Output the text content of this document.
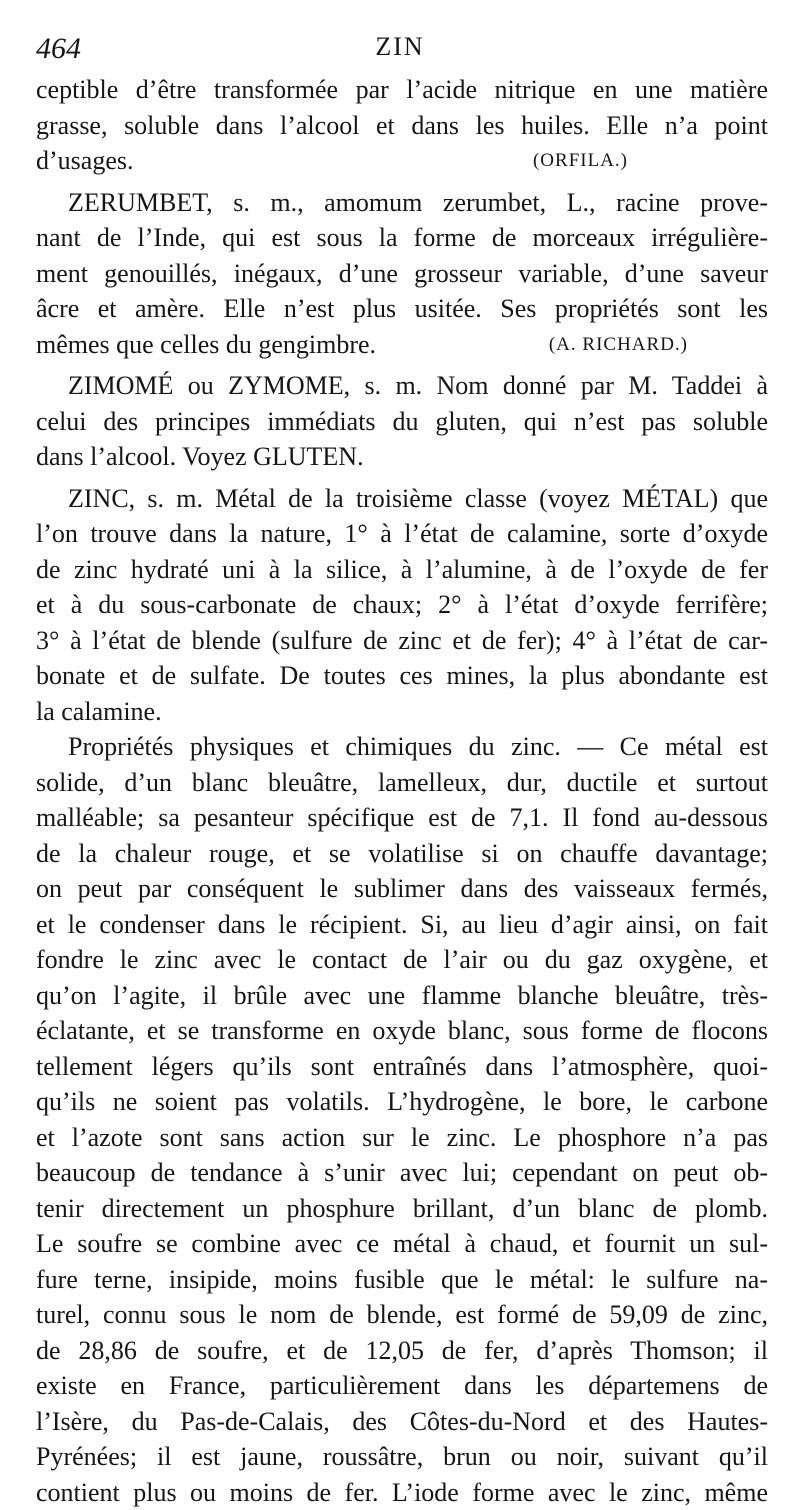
464	ZIN
ceptible d’être transformée par l’acide nitrique en une matière
grasse, soluble dans l’alcool et dans les huiles. Elle n’a point
d’usages.	(ORFILA.)
ZERUMBET, s. m., amomum zerumbet, L., racine prove-
nant de l’Inde, qui est sous la forme de morceaux irrégulière-
ment genouillés, inégaux, d’une grosseur variable, d’une saveur
âcre et amère. Elle n’est plus usitée. Ses propriétés sont les
mêmes que celles du gengimbre.	(A. RICHARD.)
ZIMOMÉ ou ZYMOME, s. m. Nom donné par M. Taddei à
celui des principes immédiats du gluten, qui n’est pas soluble
dans l’alcool. Voyez GLUTEN.
ZINC, s. m. Métal de la troisième classe (voyez MÉTAL) que
l’on trouve dans la nature, 1° à l’état de calamine, sorte d’oxyde
de zinc hydraté uni à la silice, à l’alumine, à de l’oxyde de fer
et à du sous-carbonate de chaux; 2° à l’état d’oxyde ferrifère;
3° à l’état de blende (sulfure de zinc et de fer); 4° à l’état de car-
bonate et de sulfate. De toutes ces mines, la plus abondante est
la calamine.
Propriétés physiques et chimiques du zinc. — Ce métal est
solide, d’un blanc bleuâtre, lamelleux, dur, ductile et surtout
malléable; sa pesanteur spécifique est de 7,1. Il fond au-dessous
de la chaleur rouge, et se volatilise si on chauffe davantage;
on peut par conséquent le sublimer dans des vaisseaux fermés,
et le condenser dans le récipient. Si, au lieu d’agir ainsi, on fait
fondre le zinc avec le contact de l’air ou du gaz oxygène, et
qu’on l’agite, il brûle avec une flamme blanche bleuâtre, très-
éclatante, et se transforme en oxyde blanc, sous forme de flocons
tellement légers qu’ils sont entraînés dans l’atmosphère, quoi-
qu’ils ne soient pas volatils. L’hydrogène, le bore, le carbone
et l’azote sont sans action sur le zinc. Le phosphore n’a pas
beaucoup de tendance à s’unir avec lui; cependant on peut ob-
tenir directement un phosphure brillant, d’un blanc de plomb.
Le soufre se combine avec ce métal à chaud, et fournit un sul-
fure terne, insipide, moins fusible que le métal: le sulfure na-
turel, connu sous le nom de blende, est formé de 59,09 de zinc,
de 28,86 de soufre, et de 12,05 de fer, d’après Thomson; il
existe en France, particulièrement dans les départemens de
l’Isère, du Pas-de-Calais, des Côtes-du-Nord et des Hautes-
Pyrénées; il est jaune, roussâtre, brun ou noir, suivant qu’il
contient plus ou moins de fer. L’iode forme avec le zinc, même
